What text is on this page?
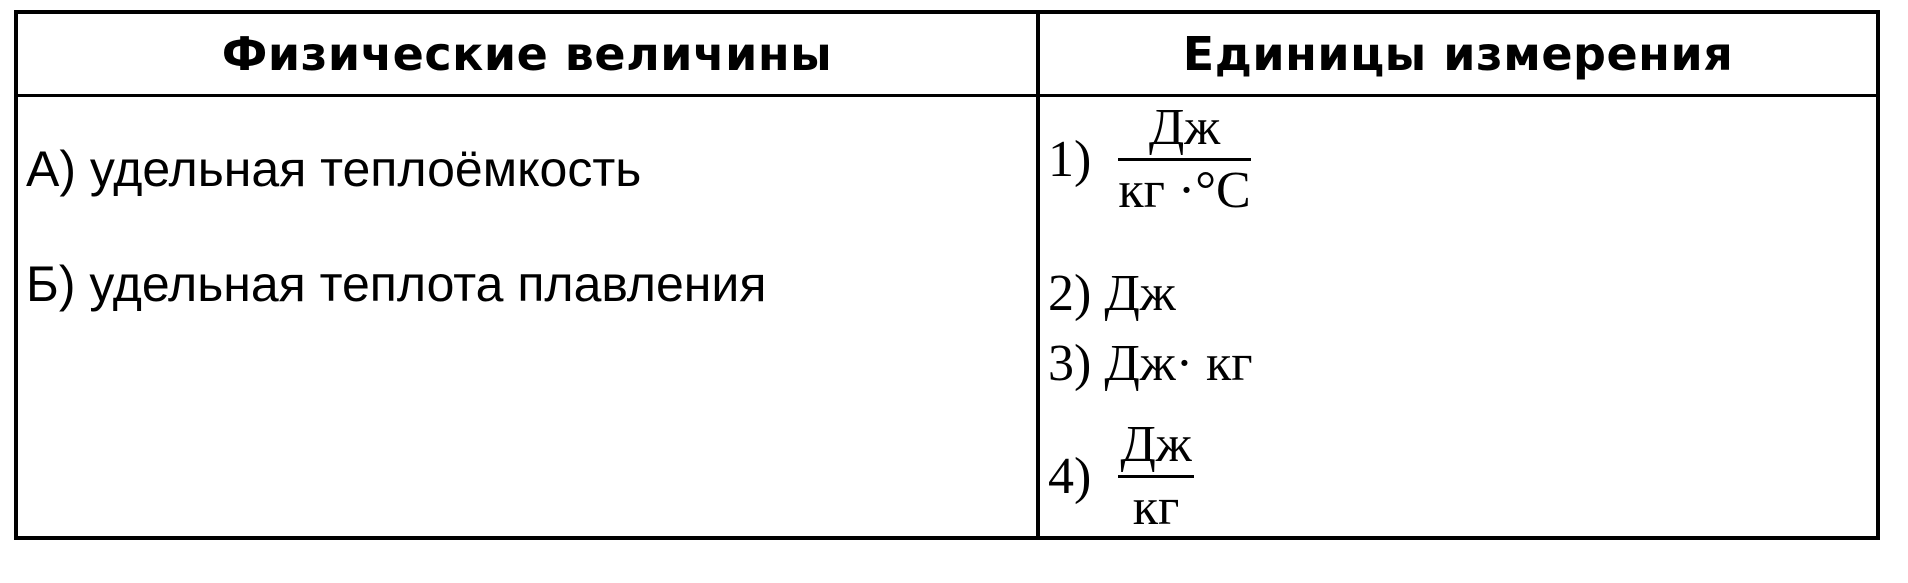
Физические величины	Единицы измерения
А) удельная теплоёмкость
Б) удельная теплота плавления
$1) \frac{Дж}{кг \cdot^\circ C}$
2) Дж
3) Дж· кг
$4) \frac{Дж}{кг}$
